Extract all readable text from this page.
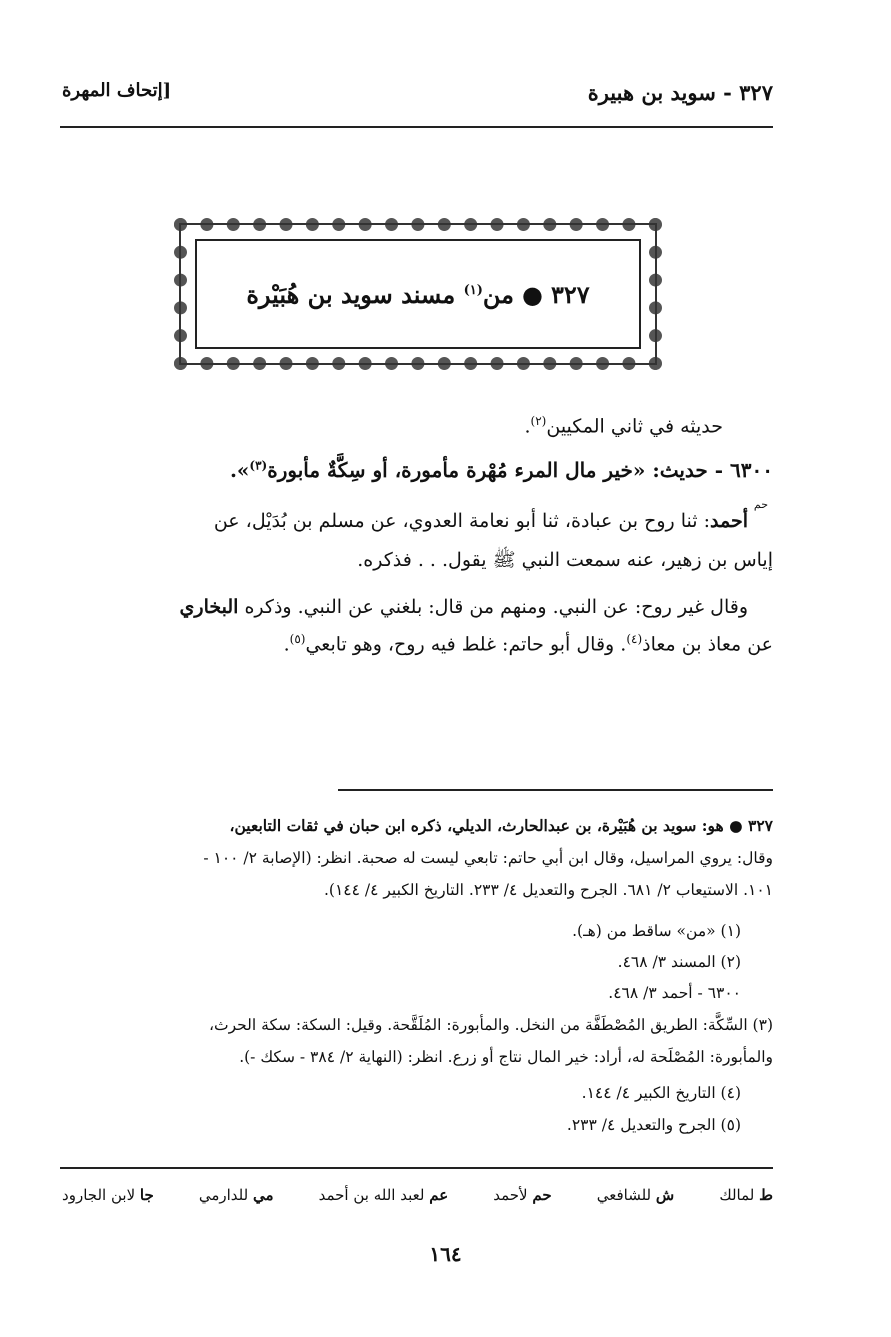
٣٢٧ - سويد بن هبيرة
[إتحاف المهرة
٣٢٧●من$^{(١)}$ مسند سويد بن هُبَيْرة
حديثه في ثاني المكيين$^{(٢)}$.
٦٣٠٠ - حديث: «خير مال المرء مُهْرة مأمورة، أو سِكَّةٌ مأبورة$^{(٣)}$».
حم
أحمد: ثنا روح بن عبادة، ثنا أبو نعامة العدوي، عن مسلم بن بُدَيْل، عن
إياس بن زهير، عنه سمعت النبي ﷺ يقول. . . فذكره.
وقال غير روح: عن النبي. ومنهم من قال: بلغني عن النبي. وذكره البخاري
عن معاذ بن معاذ$^{(٤)}$. وقال أبو حاتم: غلط فيه روح، وهو تابعي$^{(٥)}$.
٣٢٧ ● هو: سويد بن هُبَيْرة، بن عبدالحارث، الديلي، ذكره ابن حبان في ثقات التابعين،
وقال: يروي المراسيل، وقال ابن أبي حاتم: تابعي ليست له صحبة. انظر: (الإصابة ٢/ ١٠٠ -
١٠١. الاستيعاب ٢/ ٦٨١. الجرح والتعديل ٤/ ٢٣٣. التاريخ الكبير ٤/ ١٤٤).
(١) «من» ساقط من (هـ).
(٢) المسند ٣/ ٤٦٨.
٦٣٠٠ - أحمد ٣/ ٤٦٨.
(٣) السِّكَّة: الطريق المُصْطَفَّة من النخل. والمأبورة: المُلَقَّحة. وقيل: السكة: سكة الحرث،
والمأبورة: المُصْلَحة له، أراد: خير المال نتاج أو زرع. انظر: (النهاية ٢/ ٣٨٤ - سكك -).
(٤) التاريخ الكبير ٤/ ١٤٤.
(٥) الجرح والتعديل ٤/ ٢٣٣.
ط لمالك
ش للشافعي
حم لأحمد
عم لعبد الله بن أحمد
مي للدارمي
جا لابن الجارود
١٦٤
